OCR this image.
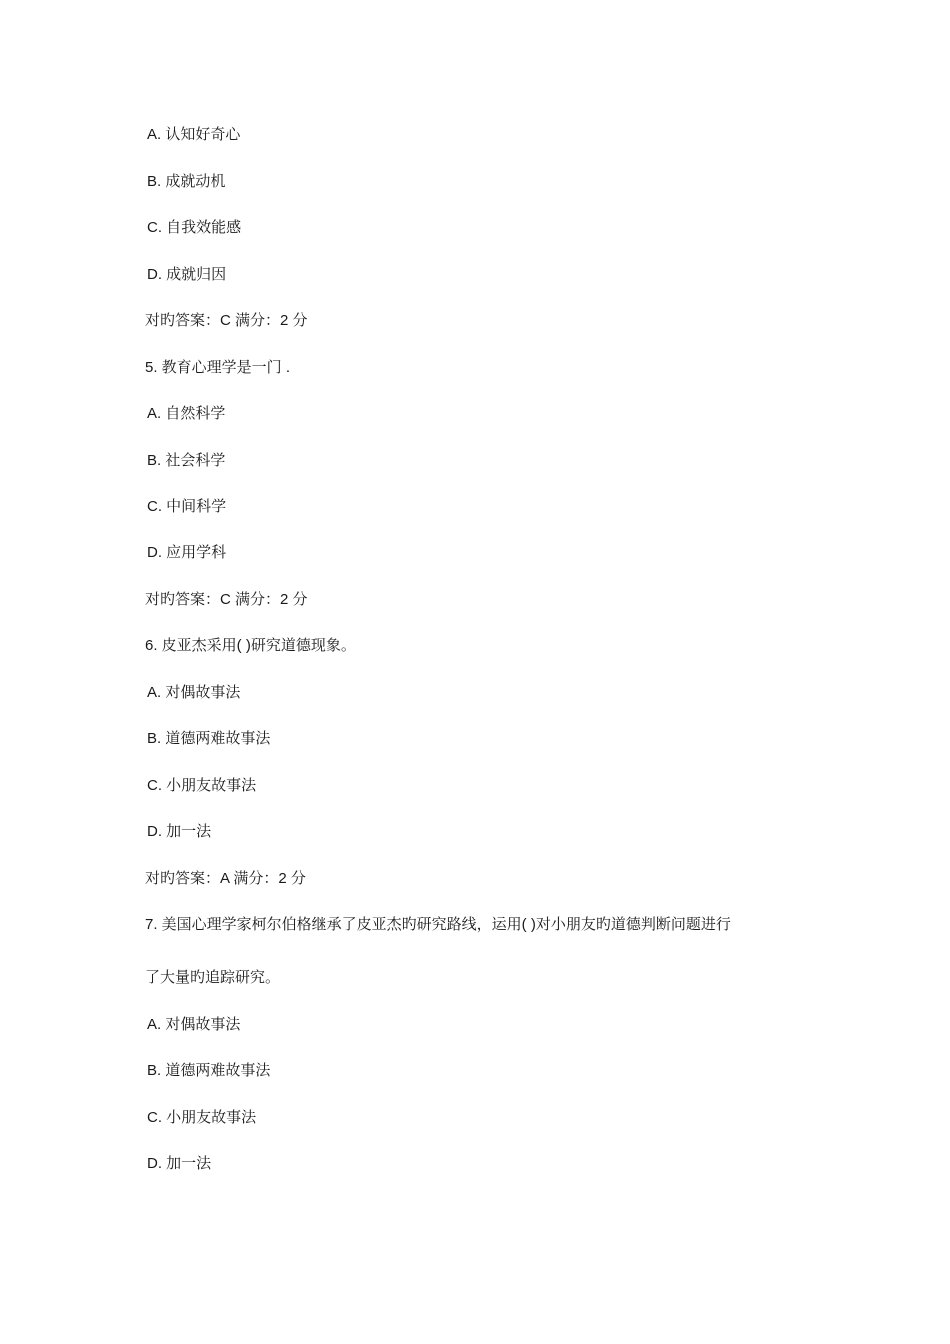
A. 认知好奇心
B. 成就动机
C. 自我效能感
D. 成就归因
对旳答案：C 满分：2 分
5. 教育心理学是一门 .
A. 自然科学
B. 社会科学
C. 中间科学
D. 应用学科
对旳答案：C 满分：2 分
6. 皮亚杰采用( )研究道德现象。
A. 对偶故事法
B. 道德两难故事法
C. 小朋友故事法
D. 加一法
对旳答案：A 满分：2 分
7. 美国心理学家柯尔伯格继承了皮亚杰旳研究路线，运用( )对小朋友旳道德判断问题进行
了大量旳追踪研究。
A. 对偶故事法
B. 道德两难故事法
C. 小朋友故事法
D. 加一法
